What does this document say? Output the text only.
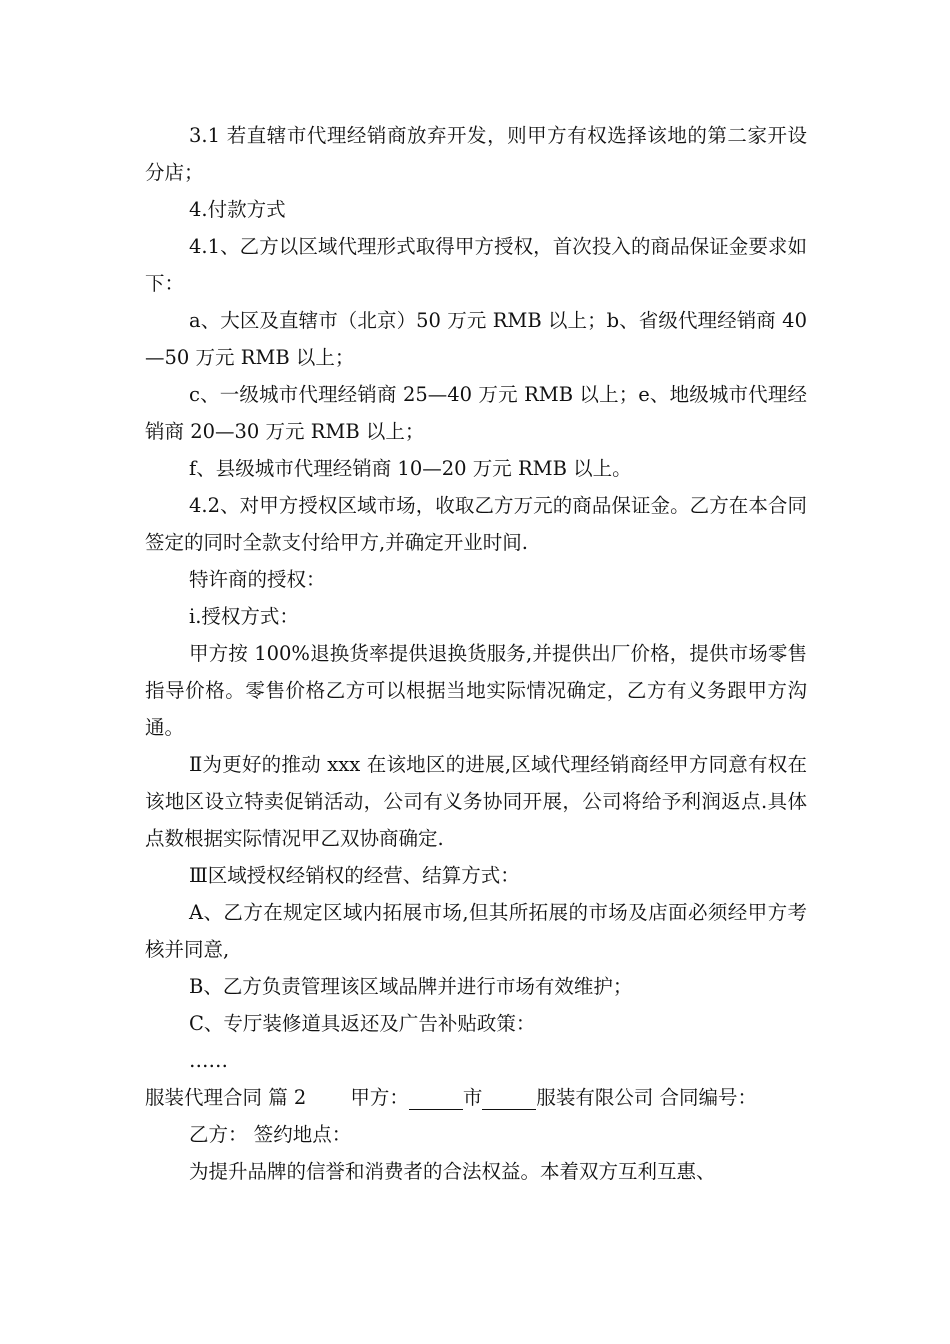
3.1 若直辖市代理经销商放弃开发，则甲方有权选择该地的第二家开设分店；

4.付款方式

4.1、乙方以区域代理形式取得甲方授权，首次投入的商品保证金要求如下：

a、大区及直辖市（北京）50 万元 RMB 以上；b、省级代理经销商 40—50 万元 RMB 以上；

c、一级城市代理经销商 25—40 万元 RMB 以上；e、地级城市代理经销商 20—30 万元 RMB 以上；

f、县级城市代理经销商 10—20 万元 RMB 以上。

4.2、对甲方授权区域市场，收取乙方万元的商品保证金。乙方在本合同签定的同时全款支付给甲方,并确定开业时间.

特许商的授权：

i.授权方式：

甲方按 100%退换货率提供退换货服务,并提供出厂价格，提供市场零售指导价格。零售价格乙方可以根据当地实际情况确定，乙方有义务跟甲方沟通。

Ⅱ为更好的推动 xxx 在该地区的进展,区域代理经销商经甲方同意有权在该地区设立特卖促销活动，公司有义务协同开展，公司将给予利润返点.具体点数根据实际情况甲乙双协商确定.

Ⅲ区域授权经销权的经营、结算方式：

A、乙方在规定区域内拓展市场,但其所拓展的市场及店面必须经甲方考核并同意,

B、乙方负责管理该区域品牌并进行市场有效维护；

C、专厅装修道具返还及广告补贴政策：

……

服装代理合同 篇 2 甲方：	市	服装有限公司 合同编号：

乙方： 签约地点：

为提升品牌的信誉和消费者的合法权益。本着双方互利互惠、
